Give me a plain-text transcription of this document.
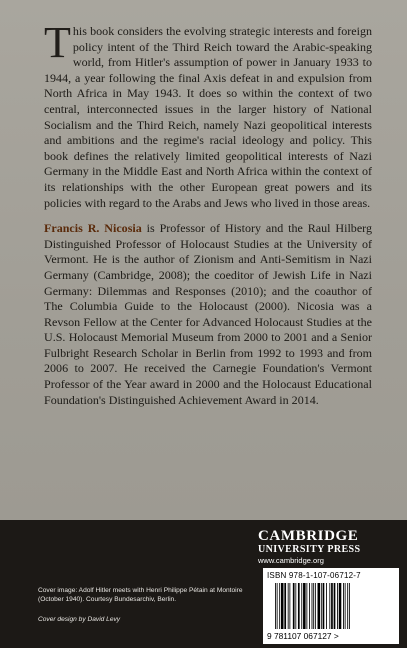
This book considers the evolving strategic interests and foreign policy intent of the Third Reich toward the Arabic-speaking world, from Hitler's assumption of power in January 1933 to 1944, a year following the final Axis defeat in and expulsion from North Africa in May 1943. It does so within the context of two central, interconnected issues in the larger history of National Socialism and the Third Reich, namely Nazi geopolitical interests and ambitions and the regime's racial ideology and policy. This book defines the relatively limited geopolitical interests of Nazi Germany in the Middle East and North Africa within the context of its relationships with the other European great powers and its policies with regard to the Arabs and Jews who lived in those areas.

Francis R. Nicosia is Professor of History and the Raul Hilberg Distinguished Professor of Holocaust Studies at the University of Vermont. He is the author of Zionism and Anti-Semitism in Nazi Germany (Cambridge, 2008); the coeditor of Jewish Life in Nazi Germany: Dilemmas and Responses (2010); and the coauthor of The Columbia Guide to the Holocaust (2000). Nicosia was a Revson Fellow at the Center for Advanced Holocaust Studies at the U.S. Holocaust Memorial Museum from 2000 to 2001 and a Senior Fulbright Research Scholar in Berlin from 1992 to 1993 and from 2006 to 2007. He received the Carnegie Foundation's Vermont Professor of the Year award in 2000 and the Holocaust Educational Foundation's Distinguished Achievement Award in 2014.

CAMBRIDGE
UNIVERSITY PRESS
www.cambridge.org
Cover image: Adolf Hitler meets with Henri Philippe Pétain at Montoire (October 1940). Courtesy Bundesarchiv, Berlin.
Cover design by David Levy
ISBN 978-1-107-06712-7
9 781107 067127 >
